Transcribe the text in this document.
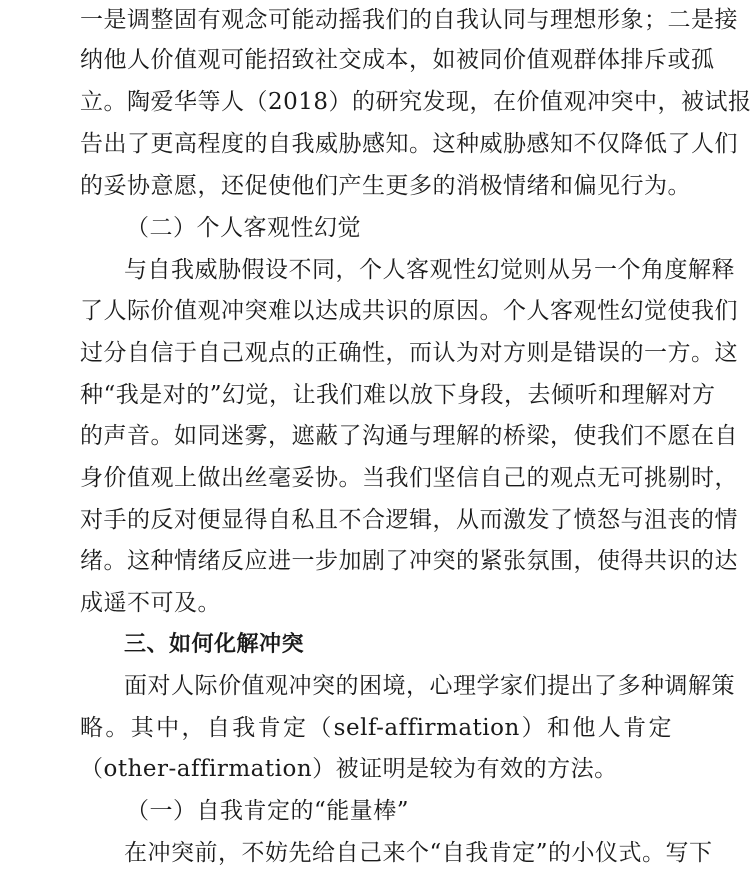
一是调整固有观念可能动摇我们的自我认同与理想形象；二是接
纳他人价值观可能招致社交成本，如被同价值观群体排斥或孤
立。陶爱华等人（2018）的研究发现，在价值观冲突中，被试报
告出了更高程度的自我威胁感知。这种威胁感知不仅降低了人们
的妥协意愿，还促使他们产生更多的消极情绪和偏见行为。
（二）个人客观性幻觉
与自我威胁假设不同，个人客观性幻觉则从另一个角度解释
了人际价值观冲突难以达成共识的原因。个人客观性幻觉使我们
过分自信于自己观点的正确性，而认为对方则是错误的一方。这
种“我是对的”幻觉，让我们难以放下身段，去倾听和理解对方
的声音。如同迷雾，遮蔽了沟通与理解的桥梁，使我们不愿在自
身价值观上做出丝毫妥协。当我们坚信自己的观点无可挑剔时，
对手的反对便显得自私且不合逻辑，从而激发了愤怒与沮丧的情
绪。这种情绪反应进一步加剧了冲突的紧张氛围，使得共识的达
成遥不可及。
三、如何化解冲突
面对人际价值观冲突的困境，心理学家们提出了多种调解策
略。其中，自我肯定（self-affirmation）和他人肯定
（other-affirmation）被证明是较为有效的方法。
（一）自我肯定的“能量棒”
在冲突前，不妨先给自己来个“自我肯定”的小仪式。写下
